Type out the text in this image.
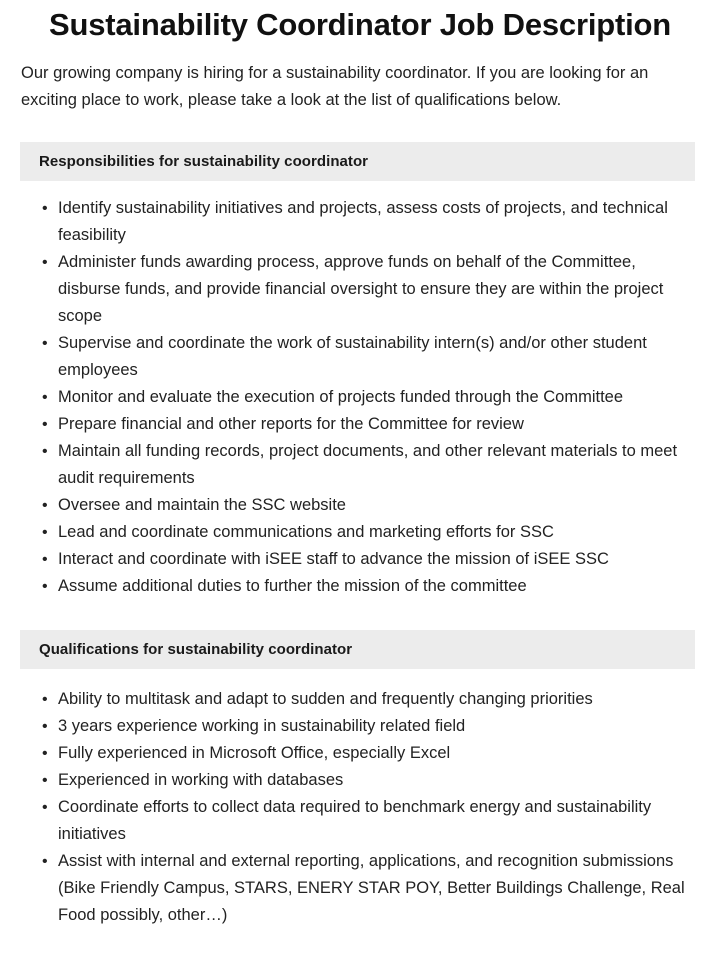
Sustainability Coordinator Job Description

Our growing company is hiring for a sustainability coordinator. If you are looking for an exciting place to work, please take a look at the list of qualifications below.

Responsibilities for sustainability coordinator
• Identify sustainability initiatives and projects, assess costs of projects, and technical feasibility
• Administer funds awarding process, approve funds on behalf of the Committee, disburse funds, and provide financial oversight to ensure they are within the project scope
• Supervise and coordinate the work of sustainability intern(s) and/or other student employees
• Monitor and evaluate the execution of projects funded through the Committee
• Prepare financial and other reports for the Committee for review
• Maintain all funding records, project documents, and other relevant materials to meet audit requirements
• Oversee and maintain the SSC website
• Lead and coordinate communications and marketing efforts for SSC
• Interact and coordinate with iSEE staff to advance the mission of iSEE SSC
• Assume additional duties to further the mission of the committee
Qualifications for sustainability coordinator
• Ability to multitask and adapt to sudden and frequently changing priorities
• 3 years experience working in sustainability related field
• Fully experienced in Microsoft Office, especially Excel
• Experienced in working with databases
• Coordinate efforts to collect data required to benchmark energy and sustainability initiatives
• Assist with internal and external reporting, applications, and recognition submissions (Bike Friendly Campus, STARS, ENERY STAR POY, Better Buildings Challenge, Real Food possibly, other…)
